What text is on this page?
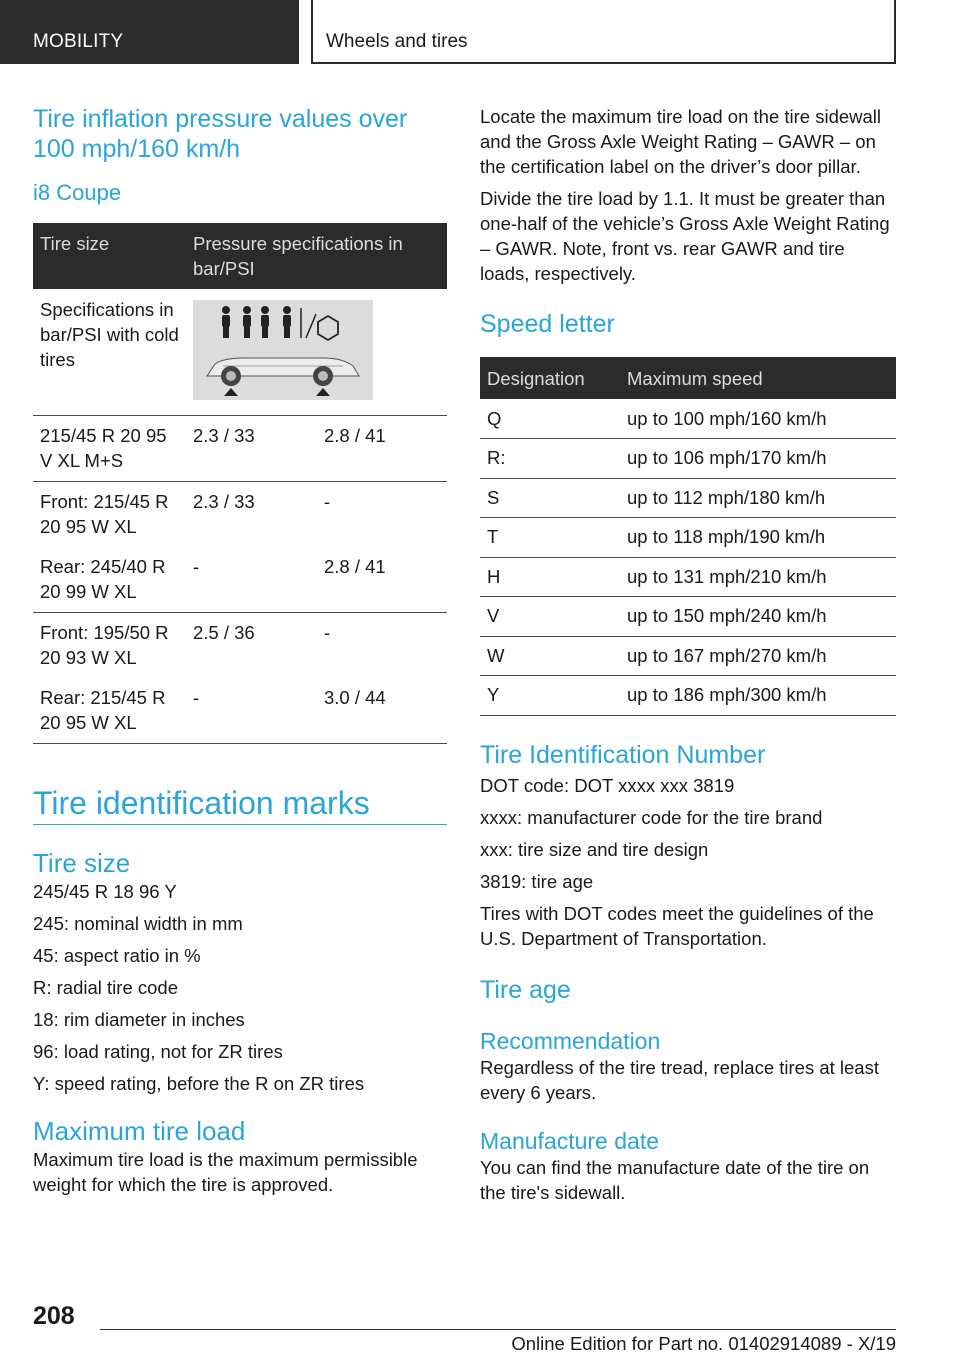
MOBILITY	Wheels and tires
Tire inflation pressure values over 100 mph/160 km/h
i8 Coupe
Tire size	Pressure specifications in bar/PSI	
Specifications in bar/PSI with cold tires	
215/45 R 20 95 V XL M+S	2.3 / 33	2.8 / 41
Front: 215/45 R 20 95 W XL	2.3 / 33	-
Rear: 245/40 R 20 99 W XL	-	2.8 / 41
Front: 195/50 R 20 93 W XL	2.5 / 36	-
Rear: 215/45 R 20 95 W XL	-	3.0 / 44
Tire identification marks
Tire size

245/45 R 18 96 Y

245: nominal width in mm

45: aspect ratio in %

R: radial tire code

18: rim diameter in inches

96: load rating, not for ZR tires

Y: speed rating, before the R on ZR tires

Maximum tire load

Maximum tire load is the maximum permissible weight for which the tire is approved.

Locate the maximum tire load on the tire sidewall and the Gross Axle Weight Rating – GAWR – on the certification label on the driver’s door pillar.

Divide the tire load by 1.1. It must be greater than one-half of the vehicle’s Gross Axle Weight Rating – GAWR. Note, front vs. rear GAWR and tire loads, respectively.

Speed letter
Designation	Maximum speed
Q	up to 100 mph/160 km/h
R:	up to 106 mph/170 km/h
S	up to 112 mph/180 km/h
T	up to 118 mph/190 km/h
H	up to 131 mph/210 km/h
V	up to 150 mph/240 km/h
W	up to 167 mph/270 km/h
Y	up to 186 mph/300 km/h
Tire Identification Number

DOT code: DOT xxxx xxx 3819

xxxx: manufacturer code for the tire brand

xxx: tire size and tire design

3819: tire age

Tires with DOT codes meet the guidelines of the U.S. Department of Transportation.

Tire age
Recommendation

Regardless of the tire tread, replace tires at least every 6 years.

Manufacture date

You can find the manufacture date of the tire on the tire's sidewall.

208
Online Edition for Part no. 01402914089 - X/19
